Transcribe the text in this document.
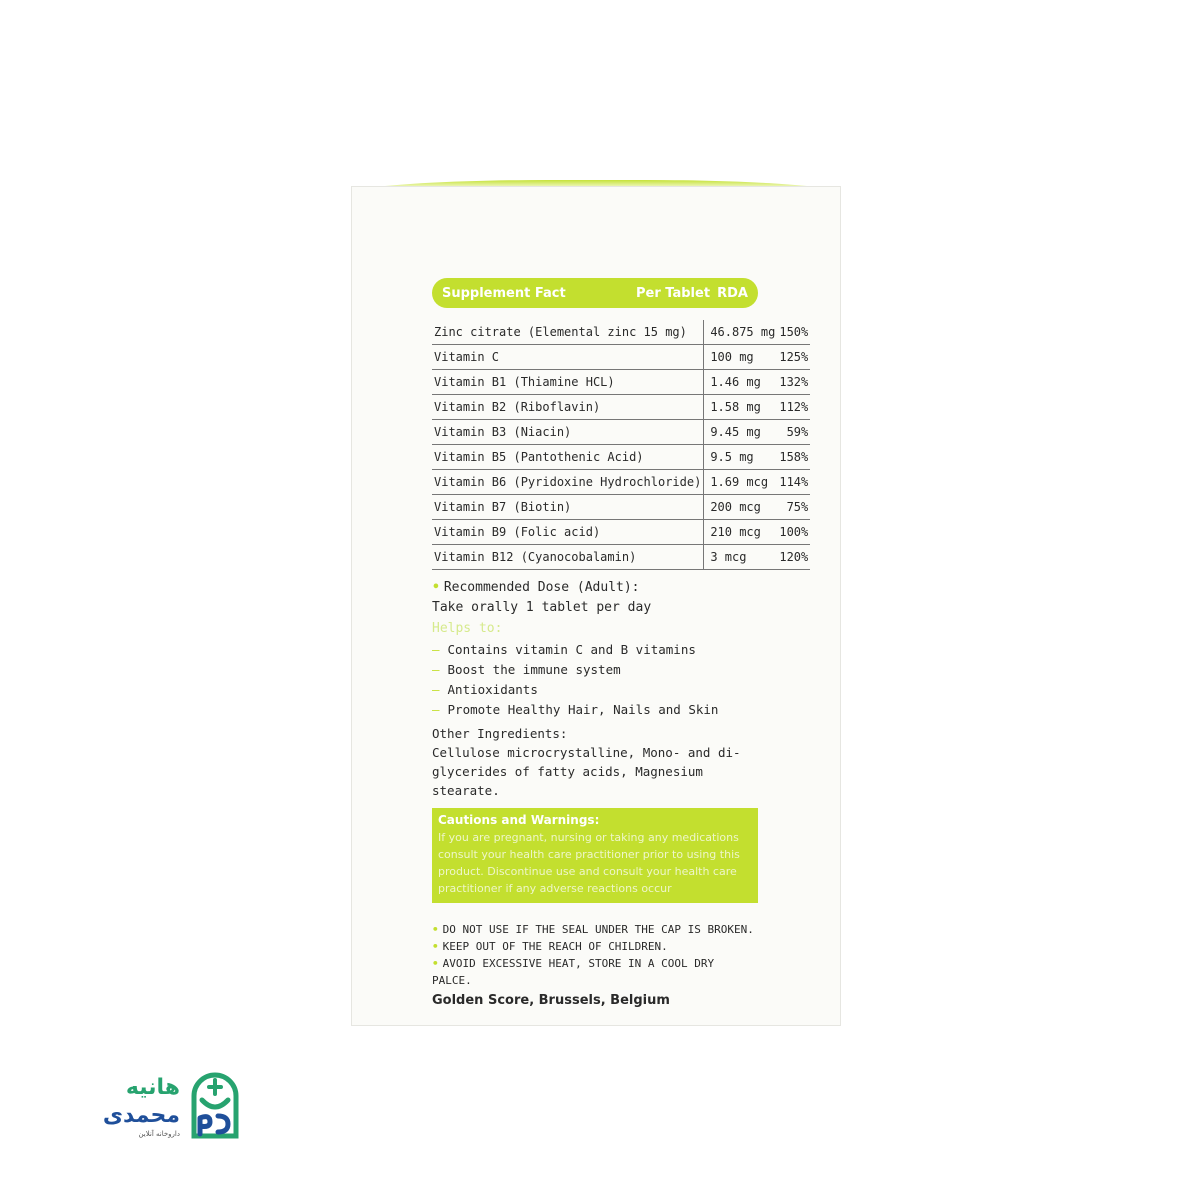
Supplement Fact	Per Tablet RDA
Zinc citrate (Elemental zinc 15 mg)	46.875 mg	150%
Vitamin C	100 mg	125%
Vitamin B1 (Thiamine HCL)	1.46 mg	132%
Vitamin B2 (Riboflavin)	1.58 mg	112%
Vitamin B3 (Niacin)	9.45 mg	59%
Vitamin B5 (Pantothenic Acid)	9.5 mg	158%
Vitamin B6 (Pyridoxine Hydrochloride)	1.69 mcg	114%
Vitamin B7 (Biotin)	200 mcg	75%
Vitamin B9 (Folic acid)	210 mcg	100%
Vitamin B12 (Cyanocobalamin)	3 mcg	120%
• Recommended Dose (Adult):
Take orally 1 tablet per day
Helps to:
– Contains vitamin C and B vitamins
– Boost the immune system
– Antioxidants
– Promote Healthy Hair, Nails and Skin
Other Ingredients:
Cellulose microcrystalline, Mono- and di- glycerides of fatty acids, Magnesium stearate.
Cautions and Warnings:
If you are pregnant, nursing or taking any medications consult your health care practitioner prior to using this product. Discontinue use and consult your health care practitioner if any adverse reactions occur
• DO NOT USE IF THE SEAL UNDER THE CAP IS BROKEN.
• KEEP OUT OF THE REACH OF CHILDREN.
• AVOID EXCESSIVE HEAT, STORE IN A COOL DRY PALCE.
Golden Score, Brussels, Belgium
هانیه
محمدی
داروخانه آنلاین
